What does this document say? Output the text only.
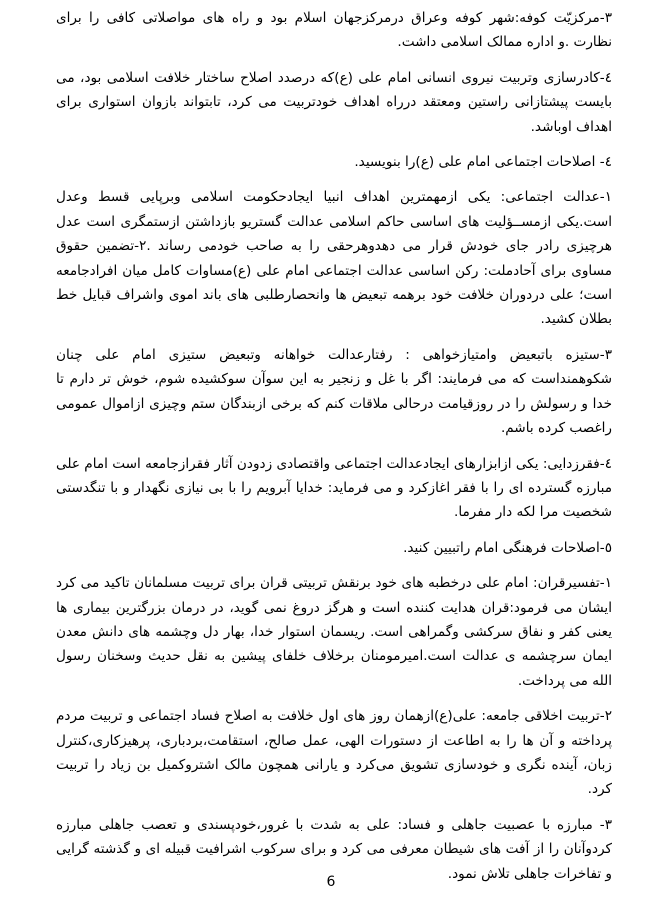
٣-مرکزیّت کوفه:شهر کوفه وعراق درمرکزجهان اسلام بود و راه های مواصلاتی کافی را برای نظارت .و اداره ممالک اسلامی داشت.

٤-کادرسازی وتربیت نیروی انسانی امام علی (ع)که درصدد اصلاح ساختار خلافت اسلامی بود، می بایست پیشتازانی راستین ومعتقد درراه اهداف خودتربیت می کرد، تابتواند بازوان استواری برای اهداف اوباشد.

٤- اصلاحات اجتماعی امام علی (ع)را بنویسید.

١-عدالت اجتماعی: یکی ازمهمترین اهداف انبیا ایجادحکومت اسلامی وبرپایی قسط وعدل است.یکی ازمســؤلیت های اساسی حاکم اسلامی عدالت گستریو بازداشتن ازستمگری است عدل هرچیزی رادر جای خودش قرار می دهدوهرحقی را به صاحب خودمی رساند .٢-تضمین حقوق مساوی برای آحادملت: رکن اساسی عدالت اجتماعی امام علی (ع)مساوات کامل میان افرادجامعه است؛ علی دردوران خلافت خود برهمه تبعیض ها وانحصارطلبی های باند اموی واشراف قبایل خط بطلان کشید.

٣-ستیزه باتبعیض وامتیازخواهی : رفتارعدالت خواهانه وتبعیض ستیزی امام علی چنان شکوهمنداست که می فرمایند: اگر با غل و زنجیر به این سوآن سوکشیده شوم، خوش تر دارم تا خدا و رسولش را در روزقیامت درحالی ملاقات کنم که برخی ازبندگان ستم وچیزی ازاموال عمومی راغصب کرده باشم.

٤-فقرزدایی: یکی ازابزارهای ایجادعدالت اجتماعی واقتصادی زدودن آثار فقرازجامعه است امام علی مبارزه گسترده ای را با فقر اغازکرد و می فرماید: خدایا آبرویم را با بی نیازی نگهدار و با تنگدستی شخصیت مرا لکه دار مفرما.

٥-اصلاحات فرهنگی امام راتبیین کنید.

١-تفسیرقران: امام علی درخطبه های خود برنقش تربیتی قران برای تربیت مسلمانان تاکید می کرد ایشان می فرمود:قران هدایت کننده است و هرگز دروغ نمی گوید، در درمان بزرگترین بیماری ها یعنی کفر و نفاق سرکشی وگمراهی است. ریسمان استوار خدا، بهار دل وچشمه های دانش معدن ایمان سرچشمه ی عدالت است.امیرمومنان برخلاف خلفای پیشین به نقل حدیث وسخنان رسول الله می پرداخت.

٢-تربیت اخلاقی جامعه: علی(ع)ازهمان روز های اول خلافت به اصلاح فساد اجتماعی و تربیت مردم پرداخته و آن ها را به اطاعت از دستورات الهی، عمل صالح، استقامت،بردباری، پرهیزکاری،کنترل زبان، آینده نگری و خودسازی تشویق می‌کرد و یارانی همچون مالک اشتروکمیل بن زیاد را تربیت کرد.

٣- مبارزه با عصبیت جاهلی و فساد: علی به شدت با غرور،خودپسندی و تعصب جاهلی مبارزه کردوآنان را از آفت های شیطان معرفی می کرد و برای سرکوب اشرافیت قبیله ای و گذشته گرایی و تفاخرات جاهلی تلاش نمود.

6
